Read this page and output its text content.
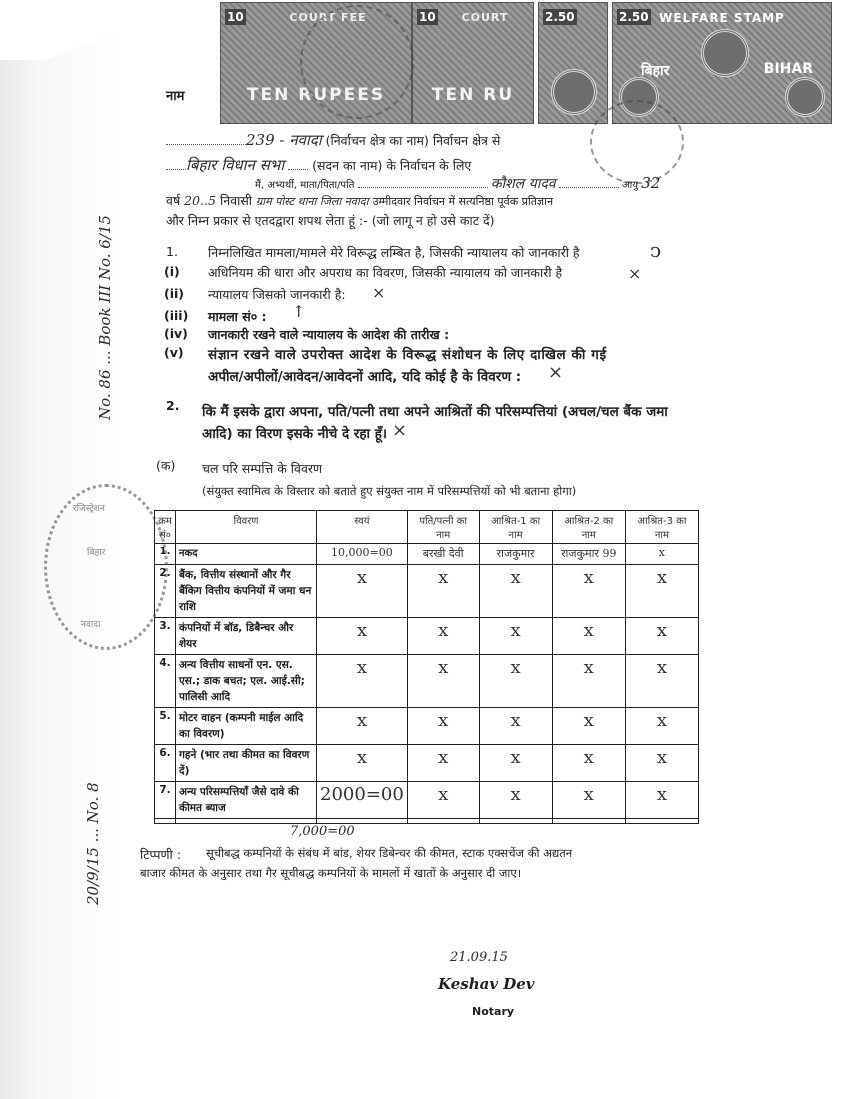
10	COURT FEE
TEN RUPEES
10	COURT
TEN RU
2.50	2.50 WELFARE STAMP
बिहार	BIHAR
नाम
239 - नवादा (निर्वाचन क्षेत्र का नाम) निर्वाचन क्षेत्र से
बिहार विधान सभा (सदन का नाम) के निर्वाचन के लिए
मैं, अभ्यर्थी, माता/पिता/पति	कौशल यादव	आयु 32
वर्ष 20..5 निवासी ग्राम पोस्ट थाना जिला नवादा उम्मीदवार निर्वाचन में सत्यनिष्ठा पूर्वक प्रतिज्ञान
और निम्न प्रकार से एतदद्वारा शपथ लेता हूं :- (जो लागू न हो उसे काट दें)
1. निम्नलिखित मामला/मामले मेरे विरूद्ध लम्बित है, जिसकी न्यायालय को जानकारी है	ↄ
(i) अधिनियम की धारा और अपराध का विवरण, जिसकी न्यायालय को जानकारी है	×
(ii) न्यायालय जिसको जानकारी है: ×
(iii) मामला सं० : ↑
(iv) जानकारी रखने वाले न्यायालय के आदेश की तारीख :
(v) संज्ञान रखने वाले उपरोक्त आदेश के विरूद्ध संशोधन के लिए दाखिल की गई
अपील/अपीलों/आवेदन/आवेदनों आदि, यदि कोई है के विवरण : ×
2. कि मैं इसके द्वारा अपना, पति/पत्नी तथा अपने आश्रितों की परिसम्पत्तियां (अचल/चल बैंक जमा
आदि) का विरण इसके नीचे दे रहा हूँ। ×
(क) चल परि सम्पत्ति के विवरण
(संयुक्त स्वामित्व के विस्तार को बताते हुए संयुक्त नाम में परिसम्पत्तियों को भी बताना होगा)
क्रम सं०	विवरण	स्वयं	पति/पत्नी का नाम	आश्रित-1 का नाम	आश्रित-2 का नाम	आश्रित-3 का नाम
1.	नकद	10,000=00	बरखी देवी	राजकुमार	राजकुमार 99	x
2.	बैंक, वित्तीय संस्थानों और गैर बैंकिग वित्तीय कंपनियों में जमा धन राशि	x	x	x	x	x
3.	कंपनियों में बॉड, डिबैन्चर और शेयर	x	x	x	x	x
4.	अन्य वित्तीय साधनों एन. एस. एस.; डाक बचत; एल. आई.सी; पालिसी आदि	x	x	x	x	x
5.	मोटर वाहन (कम्पनी माईल आदि का विवरण)	x	x	x	x	x
6.	गहने (भार तथा कीमत का विवरण दें)	x	x	x	x	x
7.	अन्य परिसम्पत्तियाँ जैसे दावे की कीमत ब्याज	2000=00	x	x	x	x

टिप्पणी : सूचीबद्ध कम्पनियों के संबंध में बांड, शेयर डिबेन्चर की कीमत, स्टाक एक्सचेंज की अद्यतन
7,000=00
बाजार कीमत के अनुसार तथा गैर सूचीबद्ध कम्पनियों के मामलों में खातों के अनुसार दी जाए।
21.09.15
Keshav Dev
Notary
रजिस्ट्रेशन
बिहार
नवादा
No. 86 ... Book III No. 6/15
20/9/15 ... No. 8
